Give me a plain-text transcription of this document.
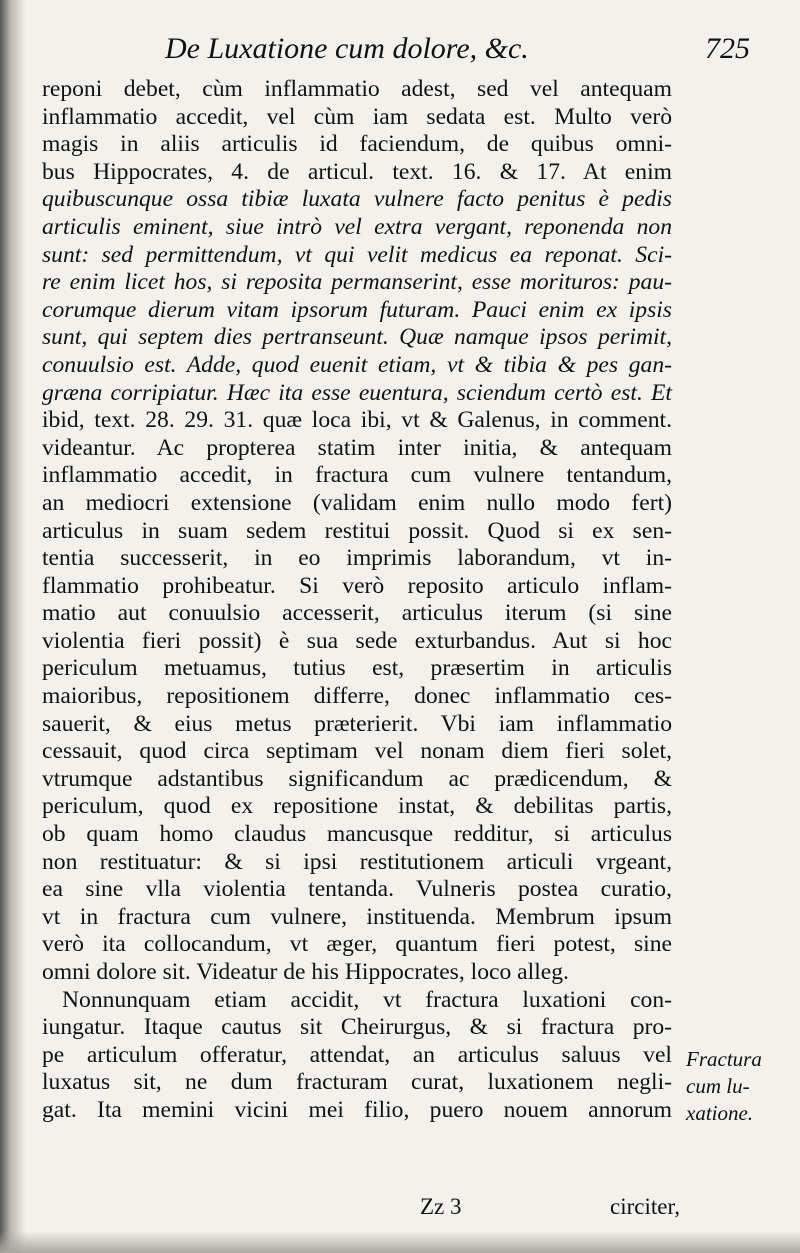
De Luxatione cum dolore, &c.	725
reponi debet, cùm inflammatio adest, sed vel antequam
inflammatio accedit, vel cùm iam sedata est. Multo verò
magis in aliis articulis id faciendum, de quibus omni-
bus Hippocrates, 4. de articul. text. 16. & 17. At enim
quibuscunque ossa tibiæ luxata vulnere facto penitus è pedis
articulis eminent, siue intrò vel extra vergant, reponenda non
sunt: sed permittendum, vt qui velit medicus ea reponat. Sci-
re enim licet hos, si reposita permanserint, esse morituros: pau-
corumque dierum vitam ipsorum futuram. Pauci enim ex ipsis
sunt, qui septem dies pertranseunt. Quæ namque ipsos perimit,
conuulsio est. Adde, quod euenit etiam, vt & tibia & pes gan-
græna corripiatur. Hæc ita esse euentura, sciendum certò est. Et
ibid, text. 28. 29. 31. quæ loca ibi, vt & Galenus, in comment.
videantur. Ac propterea statim inter initia, & antequam
inflammatio accedit, in fractura cum vulnere tentandum,
an mediocri extensione (validam enim nullo modo fert)
articulus in suam sedem restitui possit. Quod si ex sen-
tentia successerit, in eo imprimis laborandum, vt in-
flammatio prohibeatur. Si verò reposito articulo inflam-
matio aut conuulsio accesserit, articulus iterum (si sine
violentia fieri possit) è sua sede exturbandus. Aut si hoc
periculum metuamus, tutius est, præsertim in articulis
maioribus, repositionem differre, donec inflammatio ces-
sauerit, & eius metus præterierit. Vbi iam inflammatio
cessauit, quod circa septimam vel nonam diem fieri solet,
vtrumque adstantibus significandum ac prædicendum, &
periculum, quod ex repositione instat, & debilitas partis,
ob quam homo claudus mancusque redditur, si articulus
non restituatur: & si ipsi restitutionem articuli vrgeant,
ea sine vlla violentia tentanda. Vulneris postea curatio,
vt in fractura cum vulnere, instituenda. Membrum ipsum
verò ita collocandum, vt æger, quantum fieri potest, sine
omni dolore sit. Videatur de his Hippocrates, loco alleg.
Nonnunquam etiam accidit, vt fractura luxationi con-
iungatur. Itaque cautus sit Cheirurgus, & si fractura pro-
pe articulum offeratur, attendat, an articulus saluus vel
luxatus sit, ne dum fracturam curat, luxationem negli-
gat. Ita memini vicini mei filio, puero nouem annorum
Fractura
cum lu-
xatione.
Zz 3	circiter,
